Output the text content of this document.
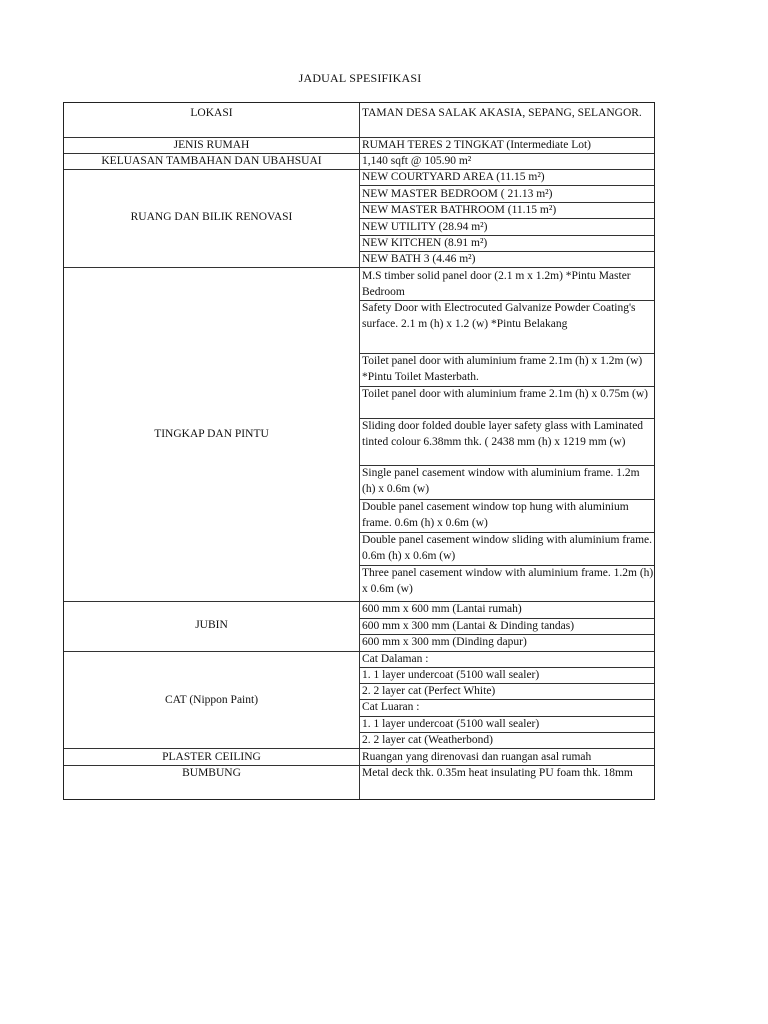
JADUAL SPESIFIKASI
LOKASI
JENIS RUMAH
KELUASAN TAMBAHAN DAN UBAHSUAI
RUANG DAN BILIK RENOVASI
TINGKAP DAN PINTU
JUBIN
CAT (Nippon Paint)
PLASTER CEILING
BUMBUNG
TAMAN DESA SALAK AKASIA, SEPANG, SELANGOR.
RUMAH TERES 2 TINGKAT (Intermediate Lot)
1,140 sqft @ 105.90 m²
NEW COURTYARD AREA (11.15 m²)
NEW MASTER BEDROOM ( 21.13 m²)
NEW MASTER BATHROOM (11.15 m²)
NEW UTILITY (28.94 m²)
NEW KITCHEN (8.91 m²)
NEW BATH 3 (4.46 m²)
M.S timber solid panel door (2.1 m x 1.2m) *Pintu Master Bedroom
Safety Door with Electrocuted Galvanize Powder Coating's surface. 2.1 m (h) x 1.2 (w) *Pintu Belakang
Toilet panel door with aluminium frame 2.1m (h) x 1.2m (w) *Pintu Toilet Masterbath.
Toilet panel door with aluminium frame 2.1m (h) x 0.75m (w)
Sliding door folded double layer safety glass with Laminated tinted colour 6.38mm thk. ( 2438 mm (h) x 1219 mm (w)
Single panel casement window with aluminium frame. 1.2m (h) x 0.6m (w)
Double panel casement window top hung with aluminium frame. 0.6m (h) x 0.6m (w)
Double panel casement window sliding with aluminium frame. 0.6m (h) x 0.6m (w)
Three panel casement window with aluminium frame. 1.2m (h) x 0.6m (w)
600 mm x 600 mm (Lantai rumah)
600 mm x 300 mm (Lantai & Dinding tandas)
600 mm x 300 mm (Dinding dapur)
Cat Dalaman :
1. 1 layer undercoat (5100 wall sealer)
2. 2 layer cat (Perfect White)
Cat Luaran :
1. 1 layer undercoat (5100 wall sealer)
2. 2 layer cat (Weatherbond)
Ruangan yang direnovasi dan ruangan asal rumah
Metal deck thk. 0.35m heat insulating PU foam thk. 18mm
